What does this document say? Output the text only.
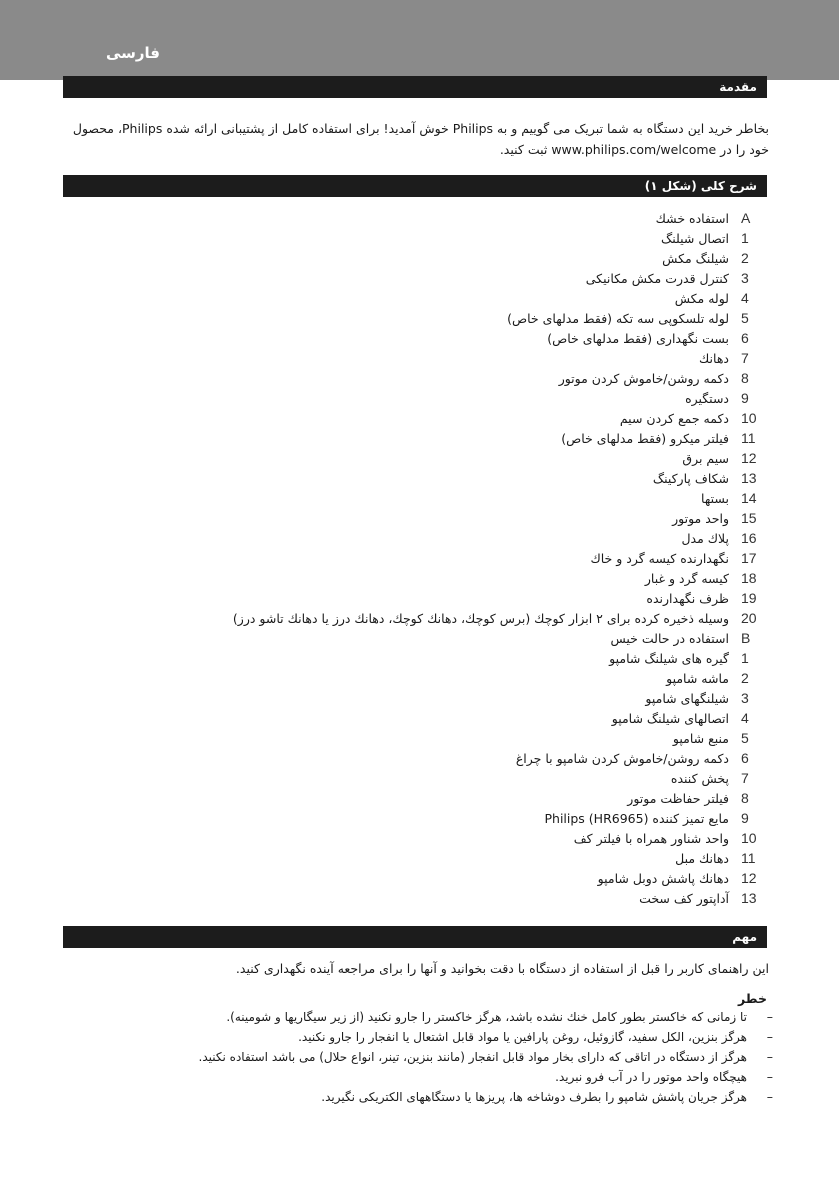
فارسی
مقدمة
بخاطر خرید این دستگاه به شما تبریک می گوییم و به Philips خوش آمدید! برای استفاده کامل از پشتیبانی ارائه شده Philips، محصول خود را در www.philips.com/welcome ثبت کنید.
شرح کلی (شکل ۱)
A
استفاده خشك
1
اتصال شیلنگ
2
شیلنگ مکش
3
کنترل قدرت مکش مکانیکی
4
لوله مکش
5
لوله تلسکوپی سه تکه (فقط مدلهای خاص)
6
بست نگهداری (فقط مدلهای خاص)
7
دهانك
8
دکمه روشن/خاموش کردن موتور
9
دستگیره
10
دکمه جمع کردن سیم
11
فیلتر میکرو (فقط مدلهای خاص)
12
سیم برق
13
شکاف پارکینگ
14
بستها
15
واحد موتور
16
پلاك مدل
17
نگهدارنده کیسه گرد و خاك
18
کیسه گرد و غبار
19
ظرف نگهدارنده
20
وسیله ذخیره کرده برای ۲ ابزار کوچك (برس کوچك، دهانك کوچك، دهانك درز یا دهانك تاشو درز)
B
استفاده در حالت خیس
1
گیره های شیلنگ شامپو
2
ماشه شامپو
3
شیلنگهای شامپو
4
اتصالهای شیلنگ شامپو
5
منبع شامپو
6
دکمه روشن/خاموش کردن شامپو با چراغ
7
پخش کننده
8
فیلتر حفاظت موتور
9
مایع تمیز کننده (HR6965) Philips
10
واحد شناور همراه با فیلتر کف
11
دهانك مبل
12
دهانك پاشش دوبل شامپو
13
آداپتور کف سخت
مهم
این راهنمای کاربر را قبل از استفاده از دستگاه با دقت بخوانید و آنها را برای مراجعه آینده نگهداری کنید.
خطر
–
تا زمانی که خاکستر بطور کامل خنك نشده باشد، هرگز خاکستر را جارو نکنید (از زیر سیگاریها و شومینه).
–
هرگز بنزین، الکل سفید، گازوئیل، روغن پارافین یا مواد قابل اشتعال یا انفجار را جارو نکنید.
–
هرگز از دستگاه در اتاقی که دارای بخار مواد قابل انفجار (مانند بنزین، تینر، انواع حلال) می باشد استفاده نکنید.
–
هیچگاه واحد موتور را در آب فرو نبرید.
–
هرگز جریان پاشش شامپو را بطرف دوشاخه ها، پریزها یا دستگاههای الکتریکی نگیرید.
